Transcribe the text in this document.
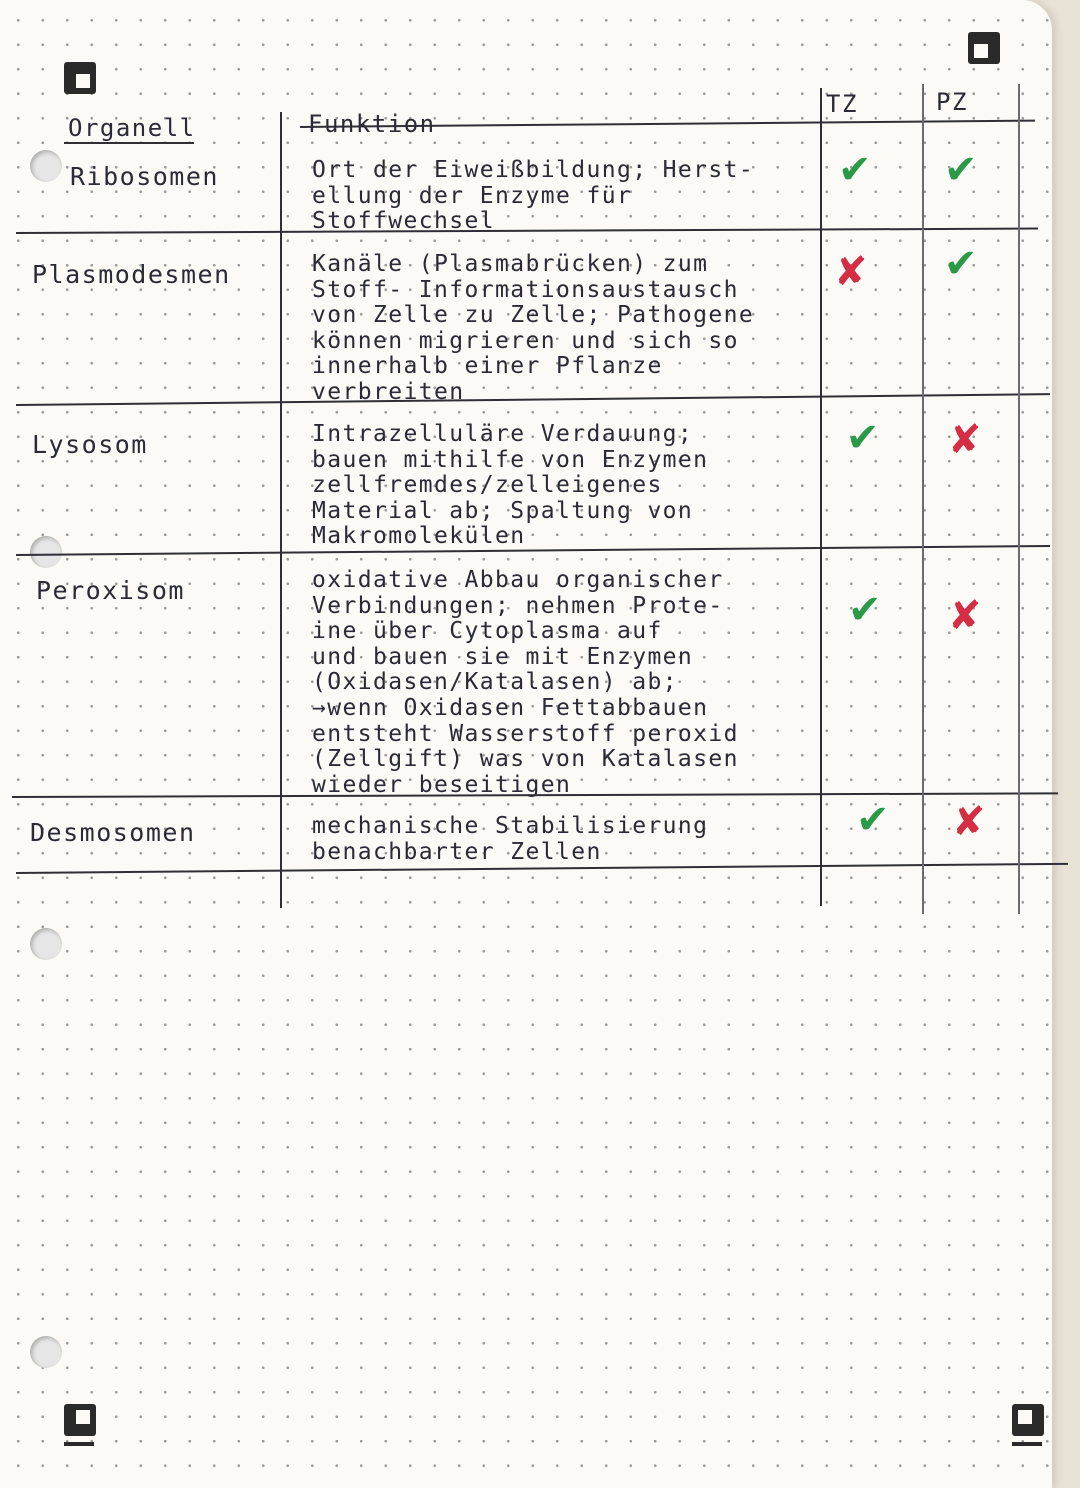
Organell	Funktion
TZ	PZ
Ribosomen	Ort der Eiweißbildung; Herst-
ellung der Enzyme für
Stoffwechsel
✔ ✔
Plasmodesmen	Kanäle (Plasmabrücken) zum
Stoff- Informationsaustausch
von Zelle zu Zelle; Pathogene
können migrieren und sich so
innerhalb einer Pflanze
verbreiten
✘ ✔
Lysosom	Intrazelluläre Verdauung;
bauen mithilfe von Enzymen
zellfremdes/zelleigenes
Material ab; Spaltung von
Makromolekülen
✔ ✘
Peroxisom	oxidative Abbau organischer
Verbindungen; nehmen Prote-
ine über Cytoplasma auf
und bauen sie mit Enzymen
(Oxidasen/Katalasen) ab;
→wenn Oxidasen Fettabbauen
entsteht Wasserstoff peroxid
(Zellgift) was von Katalasen
wieder beseitigen
✔ ✘
Desmosomen	mechanische Stabilisierung
benachbarter Zellen
✔ ✘
